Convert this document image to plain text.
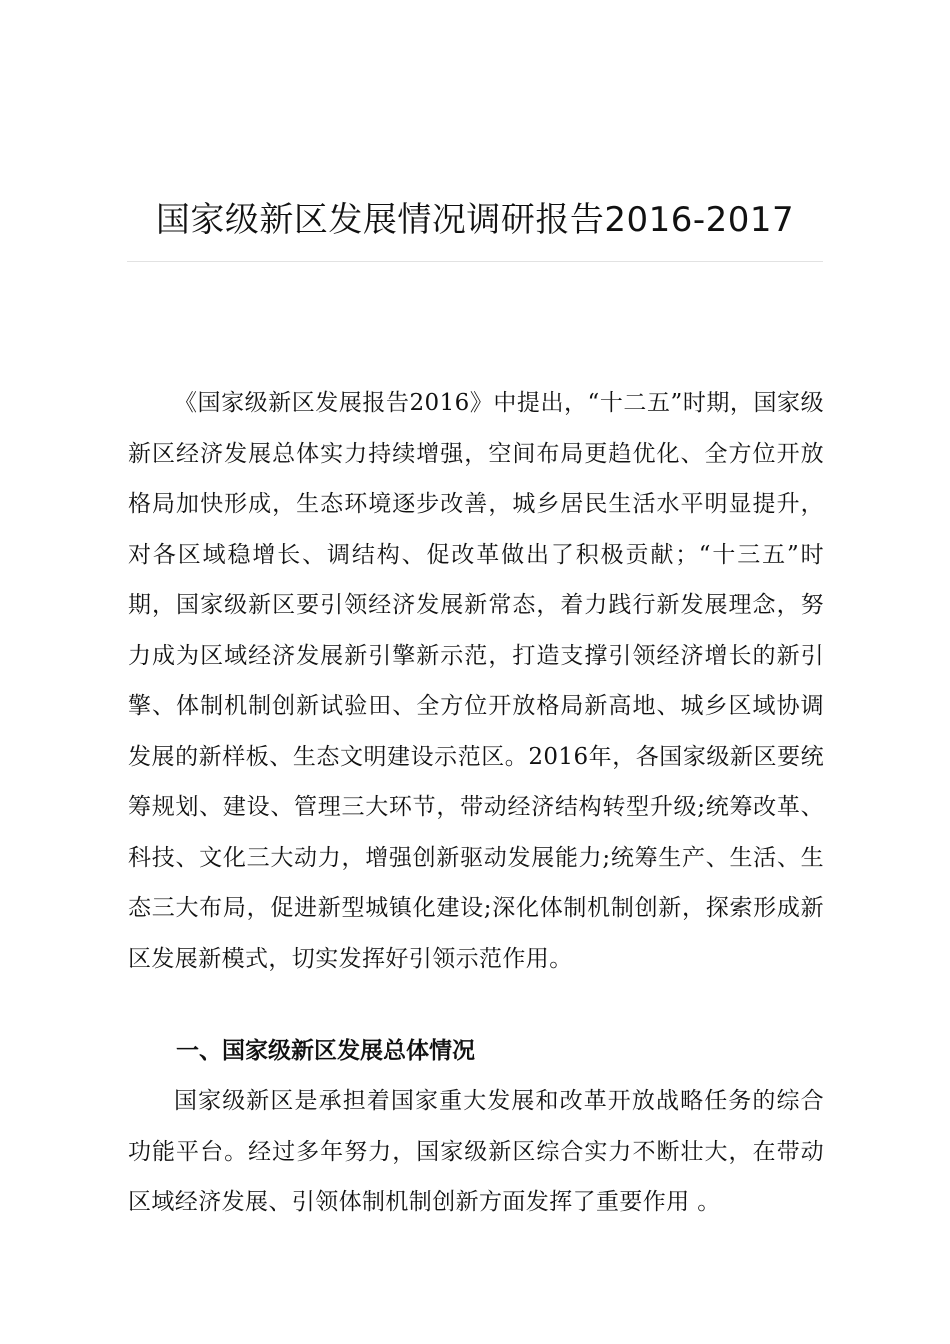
国家级新区发展情况调研报告2016-2017

《国家级新区发展报告2016》中提出，“十二五”时期，国家级新区经济发展总体实力持续增强，空间布局更趋优化、全方位开放格局加快形成，生态环境逐步改善，城乡居民生活水平明显提升，对各区域稳增长、调结构、促改革做出了积极贡献；“十三五”时期，国家级新区要引领经济发展新常态，着力践行新发展理念，努力成为区域经济发展新引擎新示范，打造支撑引领经济增长的新引擎、体制机制创新试验田、全方位开放格局新高地、城乡区域协调发展的新样板、生态文明建设示范区。2016年，各国家级新区要统筹规划、建设、管理三大环节，带动经济结构转型升级;统筹改革、科技、文化三大动力，增强创新驱动发展能力;统筹生产、生活、生态三大布局，促进新型城镇化建设;深化体制机制创新，探索形成新区发展新模式，切实发挥好引领示范作用。

一、国家级新区发展总体情况

国家级新区是承担着国家重大发展和改革开放战略任务的综合功能平台。经过多年努力，国家级新区综合实力不断壮大，在带动区域经济发展、引领体制机制创新方面发挥了重要作用 。
